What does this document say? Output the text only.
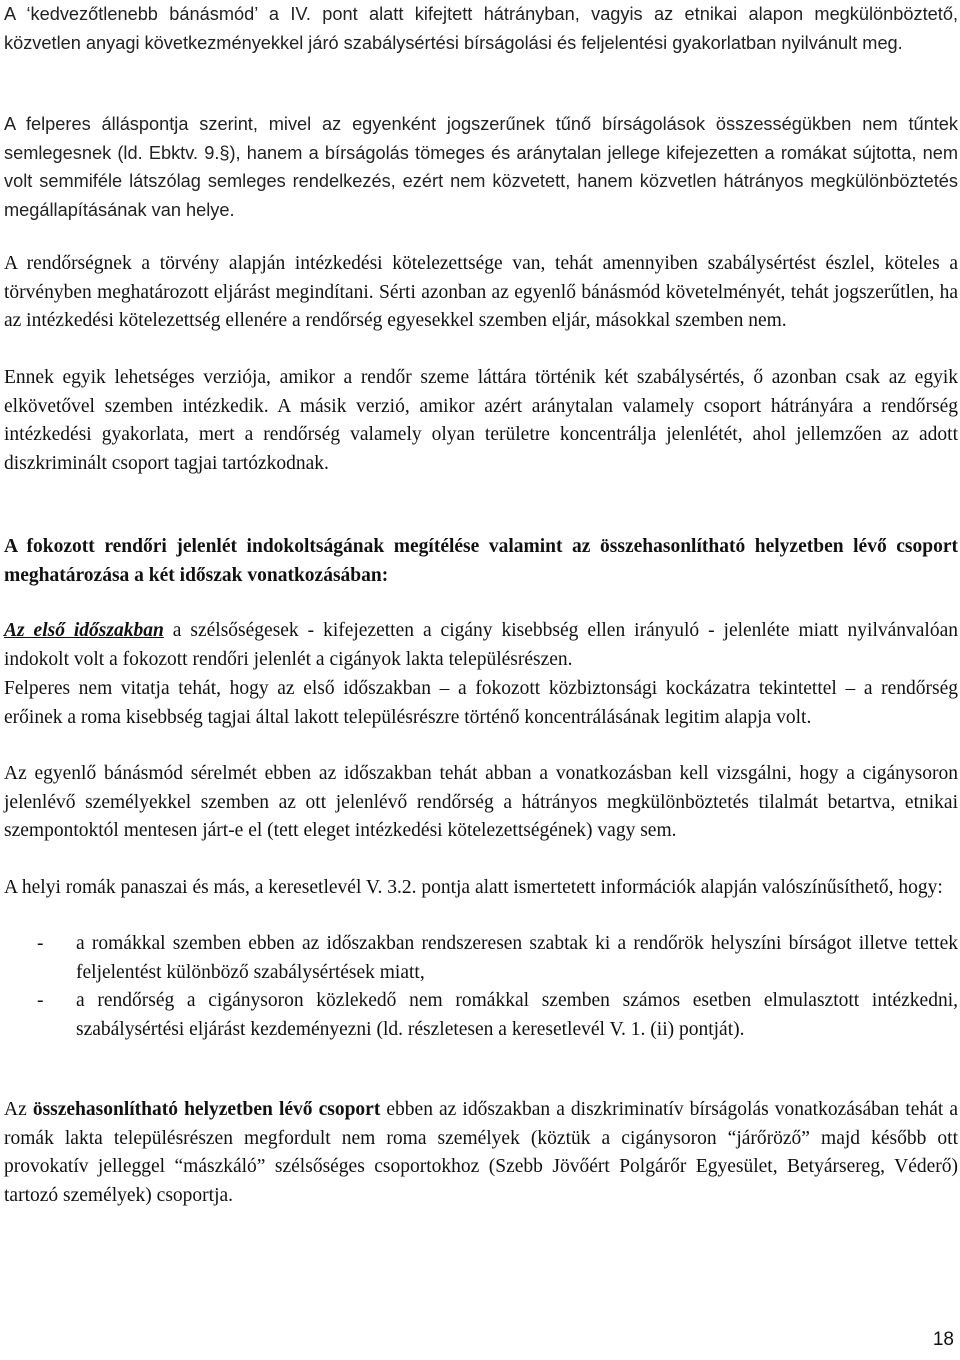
A ‘kedvezőtlenebb bánásmód’ a IV. pont alatt kifejtett hátrányban, vagyis az etnikai alapon megkülönböztető, közvetlen anyagi következményekkel járó szabálysértési bírságolási és feljelentési gyakorlatban nyilvánult meg.

A felperes álláspontja szerint, mivel az egyenként jogszerűnek tűnő bírságolások összességükben nem tűntek semlegesnek (ld. Ebktv. 9.§), hanem a bírságolás tömeges és aránytalan jellege kifejezetten a romákat sújtotta, nem volt semmiféle látszólag semleges rendelkezés, ezért nem közvetett, hanem közvetlen hátrányos megkülönböztetés megállapításának van helye.

A rendőrségnek a törvény alapján intézkedési kötelezettsége van, tehát amennyiben szabálysértést észlel, köteles a törvényben meghatározott eljárást megindítani. Sérti azonban az egyenlő bánásmód követelményét, tehát jogszerűtlen, ha az intézkedési kötelezettség ellenére a rendőrség egyesekkel szemben eljár, másokkal szemben nem.

Ennek egyik lehetséges verziója, amikor a rendőr szeme láttára történik két szabálysértés, ő azonban csak az egyik elkövetővel szemben intézkedik. A másik verzió, amikor azért aránytalan valamely csoport hátrányára a rendőrség intézkedési gyakorlata, mert a rendőrség valamely olyan területre koncentrálja jelenlétét, ahol jellemzően az adott diszkriminált csoport tagjai tartózkodnak.

A fokozott rendőri jelenlét indokoltságának megítélése valamint az összehasonlítható helyzetben lévő csoport meghatározása a két időszak vonatkozásában:

Az első időszakban a szélsőségesek - kifejezetten a cigány kisebbség ellen irányuló - jelenléte miatt nyilvánvalóan indokolt volt a fokozott rendőri jelenlét a cigányok lakta településrészen.

Felperes nem vitatja tehát, hogy az első időszakban – a fokozott közbiztonsági kockázatra tekintettel – a rendőrség erőinek a roma kisebbség tagjai által lakott településrészre történő koncentrálásának legitim alapja volt.

Az egyenlő bánásmód sérelmét ebben az időszakban tehát abban a vonatkozásban kell vizsgálni, hogy a cigánysoron jelenlévő személyekkel szemben az ott jelenlévő rendőrség a hátrányos megkülönböztetés tilalmát betartva, etnikai szempontoktól mentesen járt-e el (tett eleget intézkedési kötelezettségének) vagy sem.

A helyi romák panaszai és más, a keresetlevél V. 3.2. pontja alatt ismertetett információk alapján valószínűsíthető, hogy:

- a romákkal szemben ebben az időszakban rendszeresen szabtak ki a rendőrök helyszíni bírságot illetve tettek feljelentést különböző szabálysértések miatt,
- a rendőrség a cigánysoron közlekedő nem romákkal szemben számos esetben elmulasztott intézkedni, szabálysértési eljárást kezdeményezni (ld. részletesen a keresetlevél V. 1. (ii) pontját).

Az összehasonlítható helyzetben lévő csoport ebben az időszakban a diszkriminatív bírságolás vonatkozásában tehát a romák lakta településrészen megfordult nem roma személyek (köztük a cigánysoron “járőröző” majd később ott provokatív jelleggel “mászkáló” szélsőséges csoportokhoz (Szebb Jövőért Polgárőr Egyesület, Betyársereg, Véderő) tartozó személyek) csoportja.

18
